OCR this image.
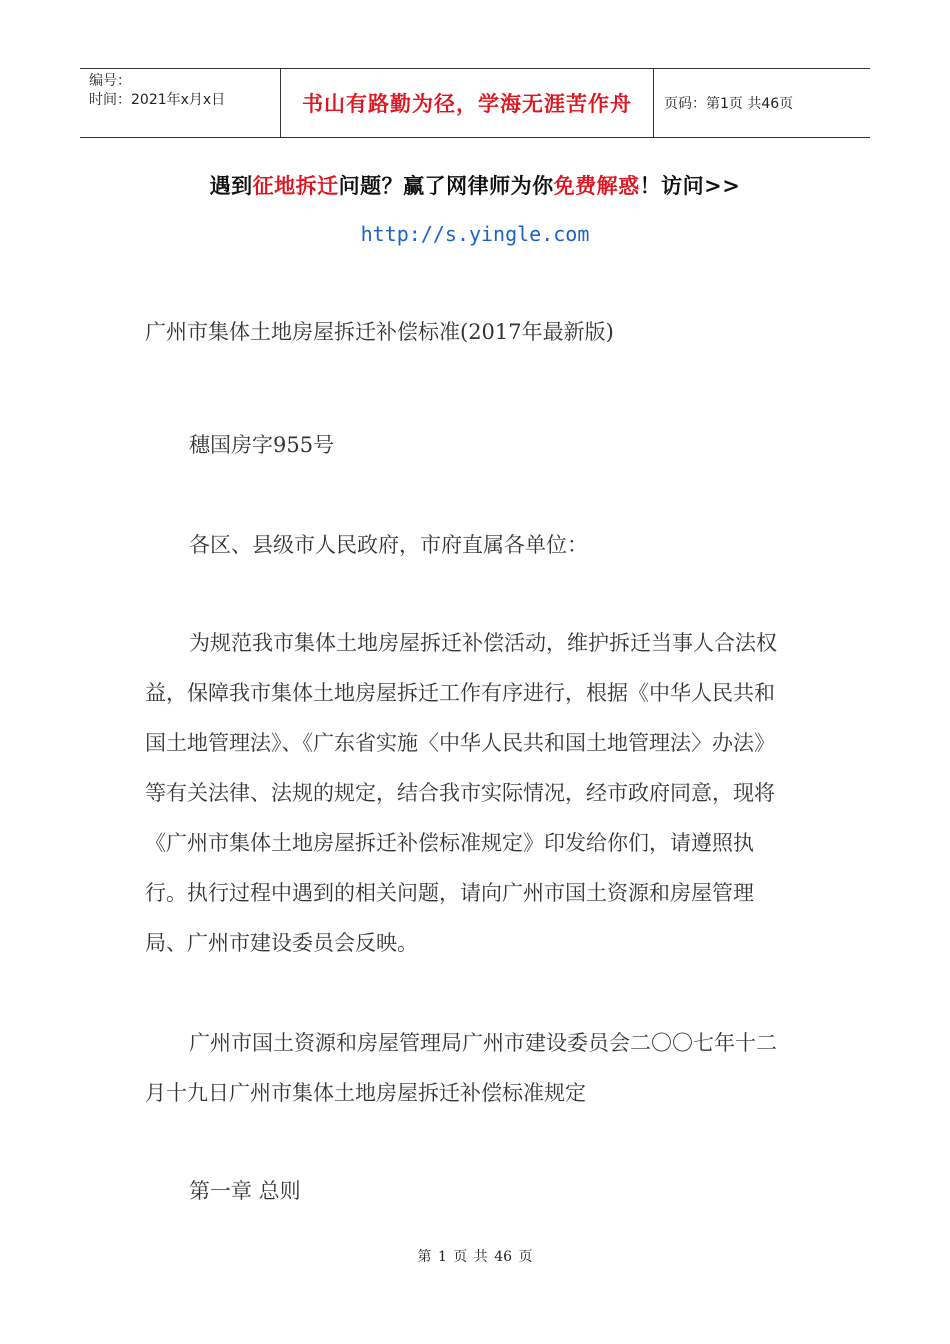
编号：
时间：2021年x月x日	书山有路勤为径，学海无涯苦作舟	页码：第1页 共46页
遇到征地拆迁问题？赢了网律师为你免费解惑！访问>>
http://s.yingle.com

广州市集体土地房屋拆迁补偿标准(2017年最新版)

穗国房字955号

各区、县级市人民政府，市府直属各单位：

为规范我市集体土地房屋拆迁补偿活动，维护拆迁当事人合法权益，保障我市集体土地房屋拆迁工作有序进行，根据《中华人民共和国土地管理法》、《广东省实施〈中华人民共和国土地管理法〉办法》等有关法律、法规的规定，结合我市实际情况，经市政府同意，现将《广州市集体土地房屋拆迁补偿标准规定》印发给你们，请遵照执行。执行过程中遇到的相关问题，请向广州市国土资源和房屋管理局、广州市建设委员会反映。

广州市国土资源和房屋管理局广州市建设委员会二〇〇七年十二月十九日广州市集体土地房屋拆迁补偿标准规定

第一章 总则

第 1 页 共 46 页
